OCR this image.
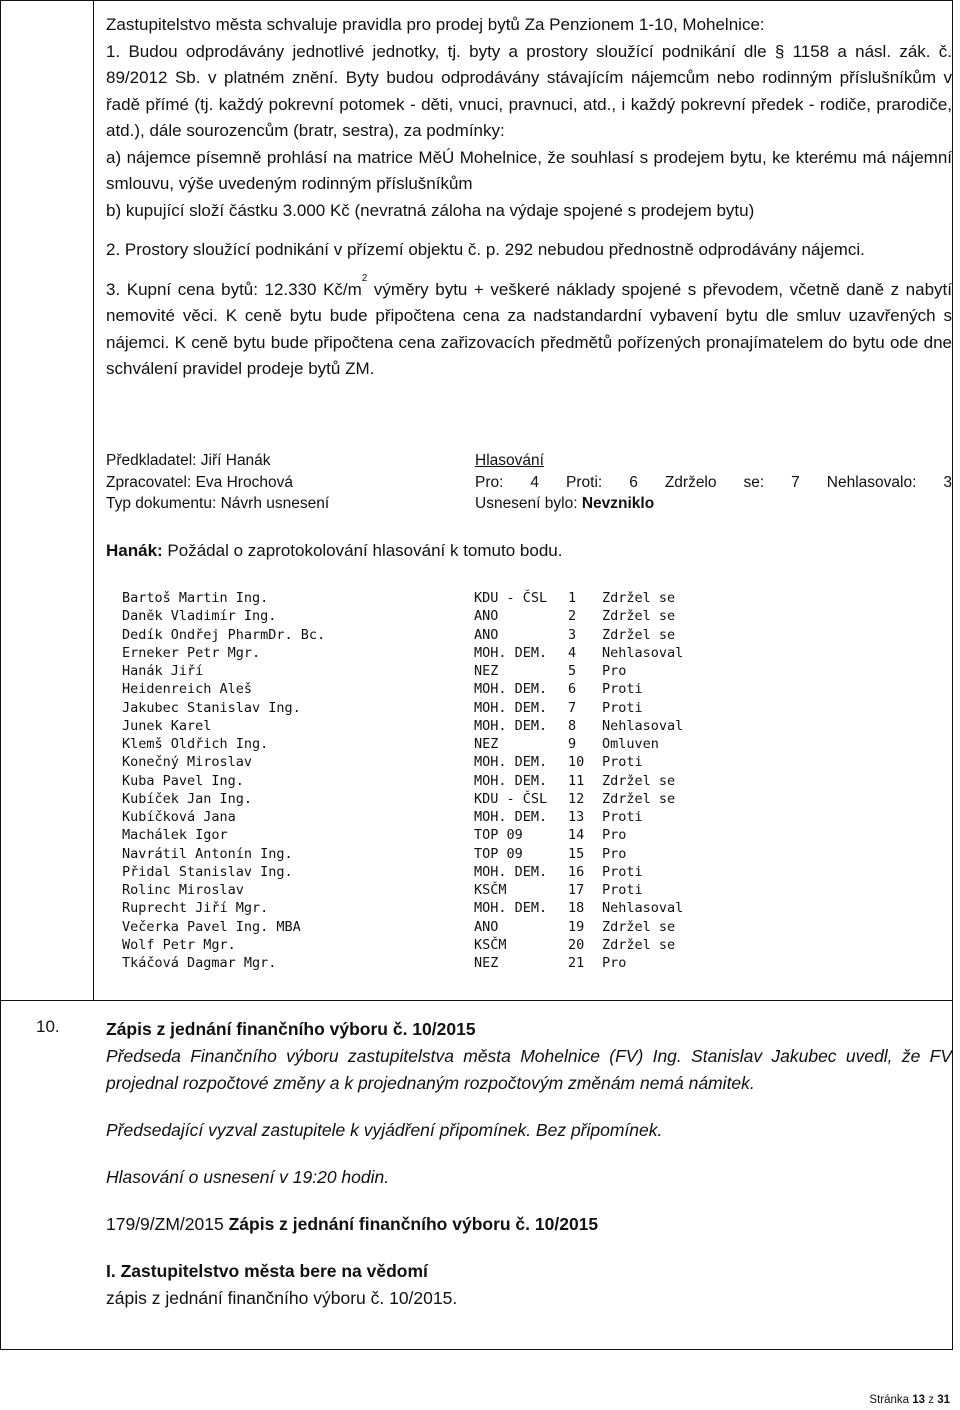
Zastupitelstvo města schvaluje pravidla pro prodej bytů Za Penzionem 1-10, Mohelnice:

1. Budou odprodávány jednotlivé jednotky, tj. byty a prostory sloužící podnikání dle § 1158 a násl. zák. č. 89/2012 Sb. v platném znění. Byty budou odprodávány stávajícím nájemcům nebo rodinným příslušníkům v řadě přímé (tj. každý pokrevní potomek - děti, vnuci, pravnuci, atd., i každý pokrevní předek - rodiče, prarodiče, atd.), dále sourozencům (bratr, sestra), za podmínky:

a) nájemce písemně prohlásí na matrice MěÚ Mohelnice, že souhlasí s prodejem bytu, ke kterému má nájemní smlouvu, výše uvedeným rodinným příslušníkům

b) kupující složí částku 3.000 Kč (nevratná záloha na výdaje spojené s prodejem bytu)

2. Prostory sloužící podnikání v přízemí objektu č. p. 292 nebudou přednostně odprodávány nájemci.

3. Kupní cena bytů: 12.330 $Kč/m^2$ výměry bytu + veškeré náklady spojené s převodem, včetně daně z nabytí nemovité věci. K ceně bytu bude připočtena cena za nadstandardní vybavení bytu dle smluv uzavřených s nájemci. K ceně bytu bude připočtena cena zařizovacích předmětů pořízených pronajímatelem do bytu ode dne schválení pravidel prodeje bytů ZM.

Předkladatel: Jiří Hanák	Hlasování
Zpracovatel: Eva Hrochová	Pro: 4 Proti: 6 Zdrželo se: 7 Nehlasovalo: 3
Typ dokumentu: Návrh usnesení	Usnesení bylo: Nevzniklo
Hanák: Požádal o zaprotokolování hlasování k tomuto bodu.
Bartoš Martin Ing.	KDU - ČSL	1	Zdržel se
Daněk Vladimír Ing.	ANO	2	Zdržel se
Dedík Ondřej PharmDr. Bc.	ANO	3	Zdržel se
Erneker Petr Mgr.	MOH. DEM.	4	Nehlasoval
Hanák Jiří	NEZ	5	Pro
Heidenreich Aleš	MOH. DEM.	6	Proti
Jakubec Stanislav Ing.	MOH. DEM.	7	Proti
Junek Karel	MOH. DEM.	8	Nehlasoval
Klemš Oldřich Ing.	NEZ	9	Omluven
Konečný Miroslav	MOH. DEM.	10	Proti
Kuba Pavel Ing.	MOH. DEM.	11	Zdržel se
Kubíček Jan Ing.	KDU - ČSL	12	Zdržel se
Kubíčková Jana	MOH. DEM.	13	Proti
Machálek Igor	TOP 09	14	Pro
Navrátil Antonín Ing.	TOP 09	15	Pro
Přidal Stanislav Ing.	MOH. DEM.	16	Proti
Rolinc Miroslav	KSČM	17	Proti
Ruprecht Jiří Mgr.	MOH. DEM.	18	Nehlasoval
Večerka Pavel Ing. MBA	ANO	19	Zdržel se
Wolf Petr Mgr.	KSČM	20	Zdržel se
Tkáčová Dagmar Mgr.	NEZ	21	Pro
10.	Zápis z jednání finančního výboru č. 10/2015

Předseda Finančního výboru zastupitelstva města Mohelnice (FV) Ing. Stanislav Jakubec uvedl, že FV projednal rozpočtové změny a k projednaným rozpočtovým změnám nemá námitek.

Předsedající vyzval zastupitele k vyjádření připomínek. Bez připomínek.

Hlasování o usnesení v 19:20 hodin.

179/9/ZM/2015 Zápis z jednání finančního výboru č. 10/2015

I. Zastupitelstvo města bere na vědomí

zápis z jednání finančního výboru č. 10/2015.

Stránka 13 z 31
